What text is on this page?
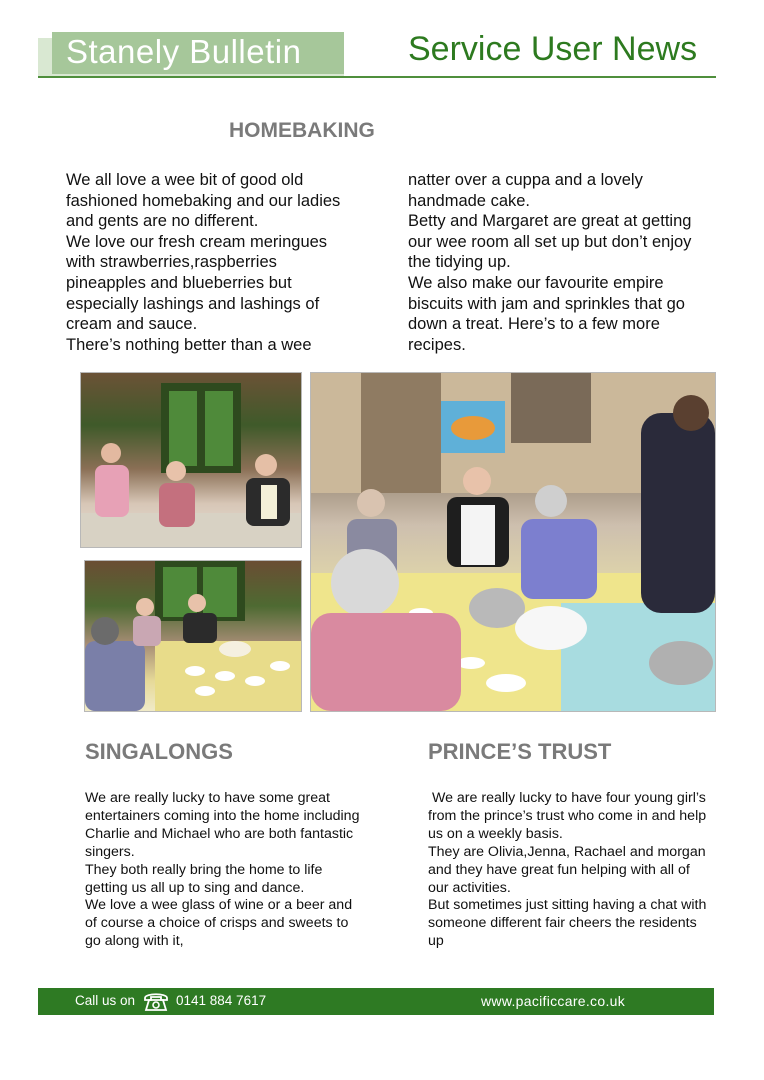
Stanely Bulletin	Service User News
HOMEBAKING
We all love a wee bit of good old
fashioned homebaking and our ladies
and gents are no different.
We love our fresh cream meringues
with strawberries,raspberries
pineapples and blueberries but
especially lashings and lashings of
cream and sauce.
There’s nothing better than a wee
natter over a cuppa and a lovely
handmade cake.
Betty and Margaret are great at getting
our wee room all set up but don’t enjoy
the tidying up.
We also make our favourite empire
biscuits with jam and sprinkles that go
down a treat. Here’s to a few more
recipes.
SINGALONGS
We are really lucky to have some great
entertainers coming into the home including
Charlie and Michael who are both fantastic
singers.
They both really bring the home to life
getting us all up to sing and dance.
We love a wee glass of wine or a beer and
of course a choice of crisps and sweets to
go along with it,
PRINCE’S TRUST
We are really lucky to have four young girl’s
from the prince’s trust who come in and help
us on a weekly basis.
They are Olivia,Jenna, Rachael and morgan
and they have great fun helping with all of
our activities.
But sometimes just sitting having a chat with
someone different fair cheers the residents
up
Call us on	0141 884 7617	www.pacificcare.co.uk
